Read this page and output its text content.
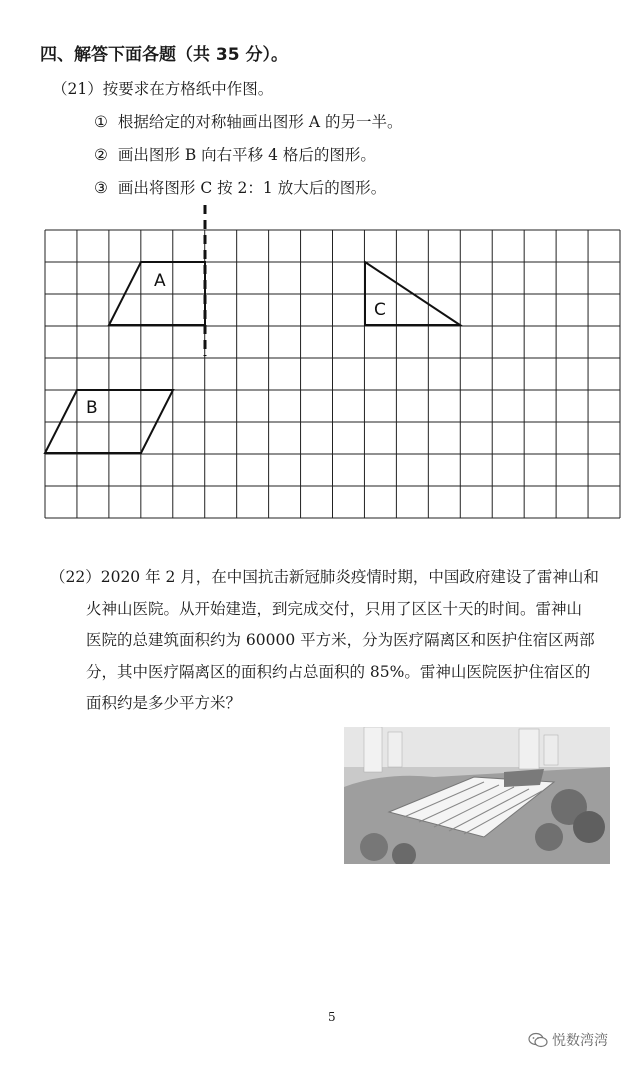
四、解答下面各题（共 35 分）。
（21）按要求在方格纸中作图。
① 根据给定的对称轴画出图形 A 的另一半。
② 画出图形 B 向右平移 4 格后的图形。
③ 画出将图形 C 按 2：1 放大后的图形。
A
B
C
（22）2020 年 2 月，在中国抗击新冠肺炎疫情时期，中国政府建设了雷神山和
火神山医院。从开始建造，到完成交付，只用了区区十天的时间。雷神山
医院的总建筑面积约为 60000 平方米，分为医疗隔离区和医护住宿区两部
分，其中医疗隔离区的面积约占总面积的 85%。雷神山医院医护住宿区的
面积约是多少平方米？
5
悦数湾湾
